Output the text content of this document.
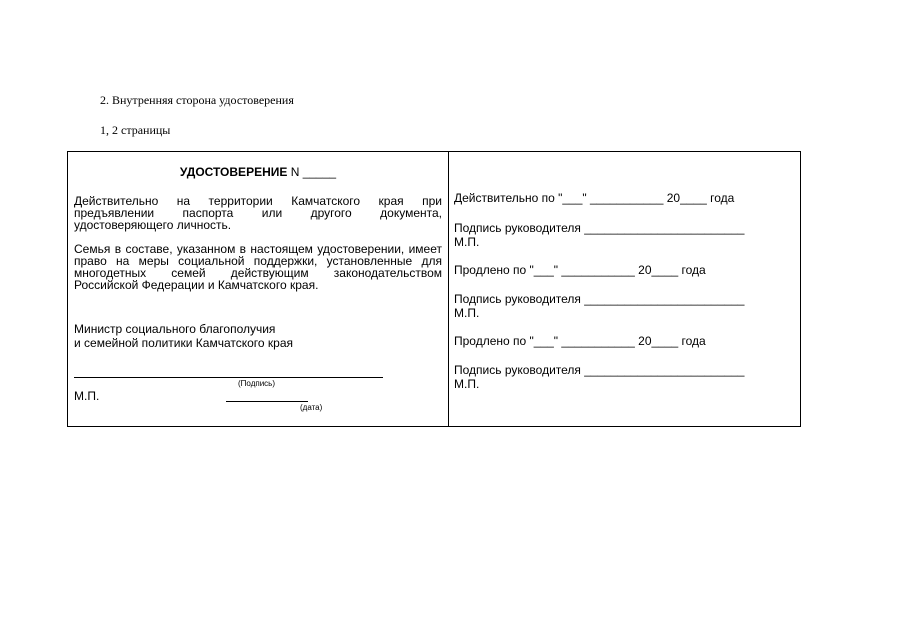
2. Внутренняя сторона удостоверения
1, 2 страницы
УДОСТОВЕРЕНИЕ N _____
Действительно на территории Камчатского края при предъявлении паспорта или другого документа, удостоверяющего личность.
Семья в составе, указанном в настоящем удостоверении, имеет право на меры социальной поддержки, установленные для многодетных семей действующим законодательством Российской Федерации и Камчатского края.
Министр социального благополучия
и семейной политики Камчатского края
(Подпись)
М.П.
(дата)
Действительно по "___" ___________ 20____ года
Подпись руководителя ________________________
М.П.
Продлено по "___" ___________ 20____ года
Подпись руководителя ________________________
М.П.
Продлено по "___" ___________ 20____ года
Подпись руководителя ________________________
М.П.
